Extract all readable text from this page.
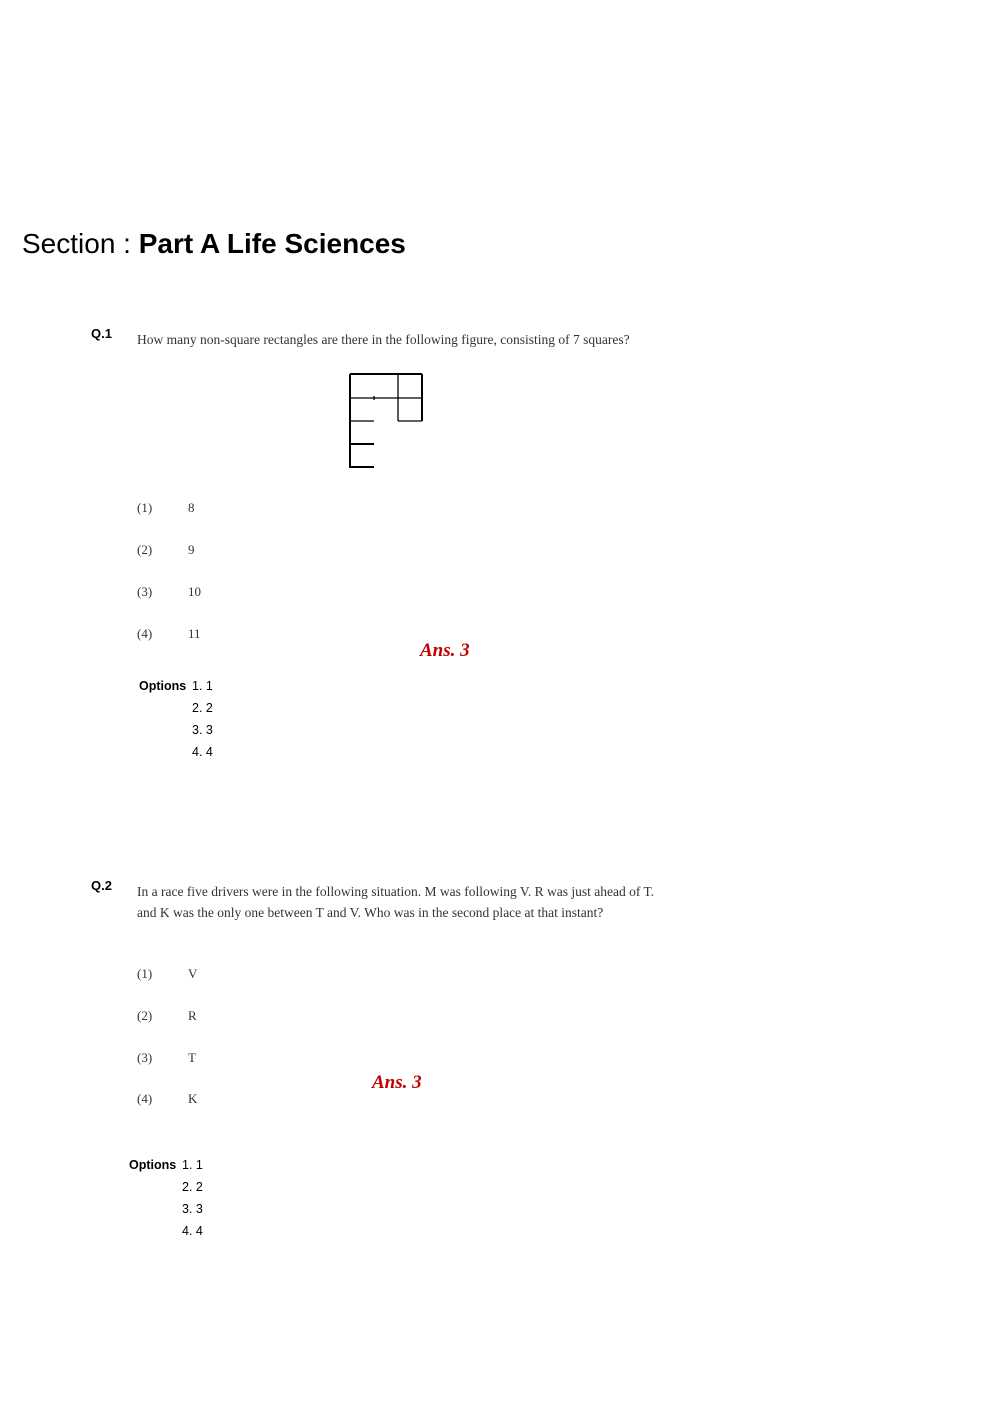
Section : Part A Life Sciences
Q.1 How many non-square rectangles are there in the following figure, consisting of 7 squares?
(1)	8
(2)	9
(3)	10
(4)	11
Ans. 3
Options 1. 1
2. 2
3. 3
4. 4
Q.2 In a race five drivers were in the following situation. M was following V. R was just ahead of T. and K was the only one between T and V. Who was in the second place at that instant?
(1)	V
(2)	R
(3)	T
(4)	K
Ans. 3
Options 1. 1
2. 2
3. 3
4. 4
